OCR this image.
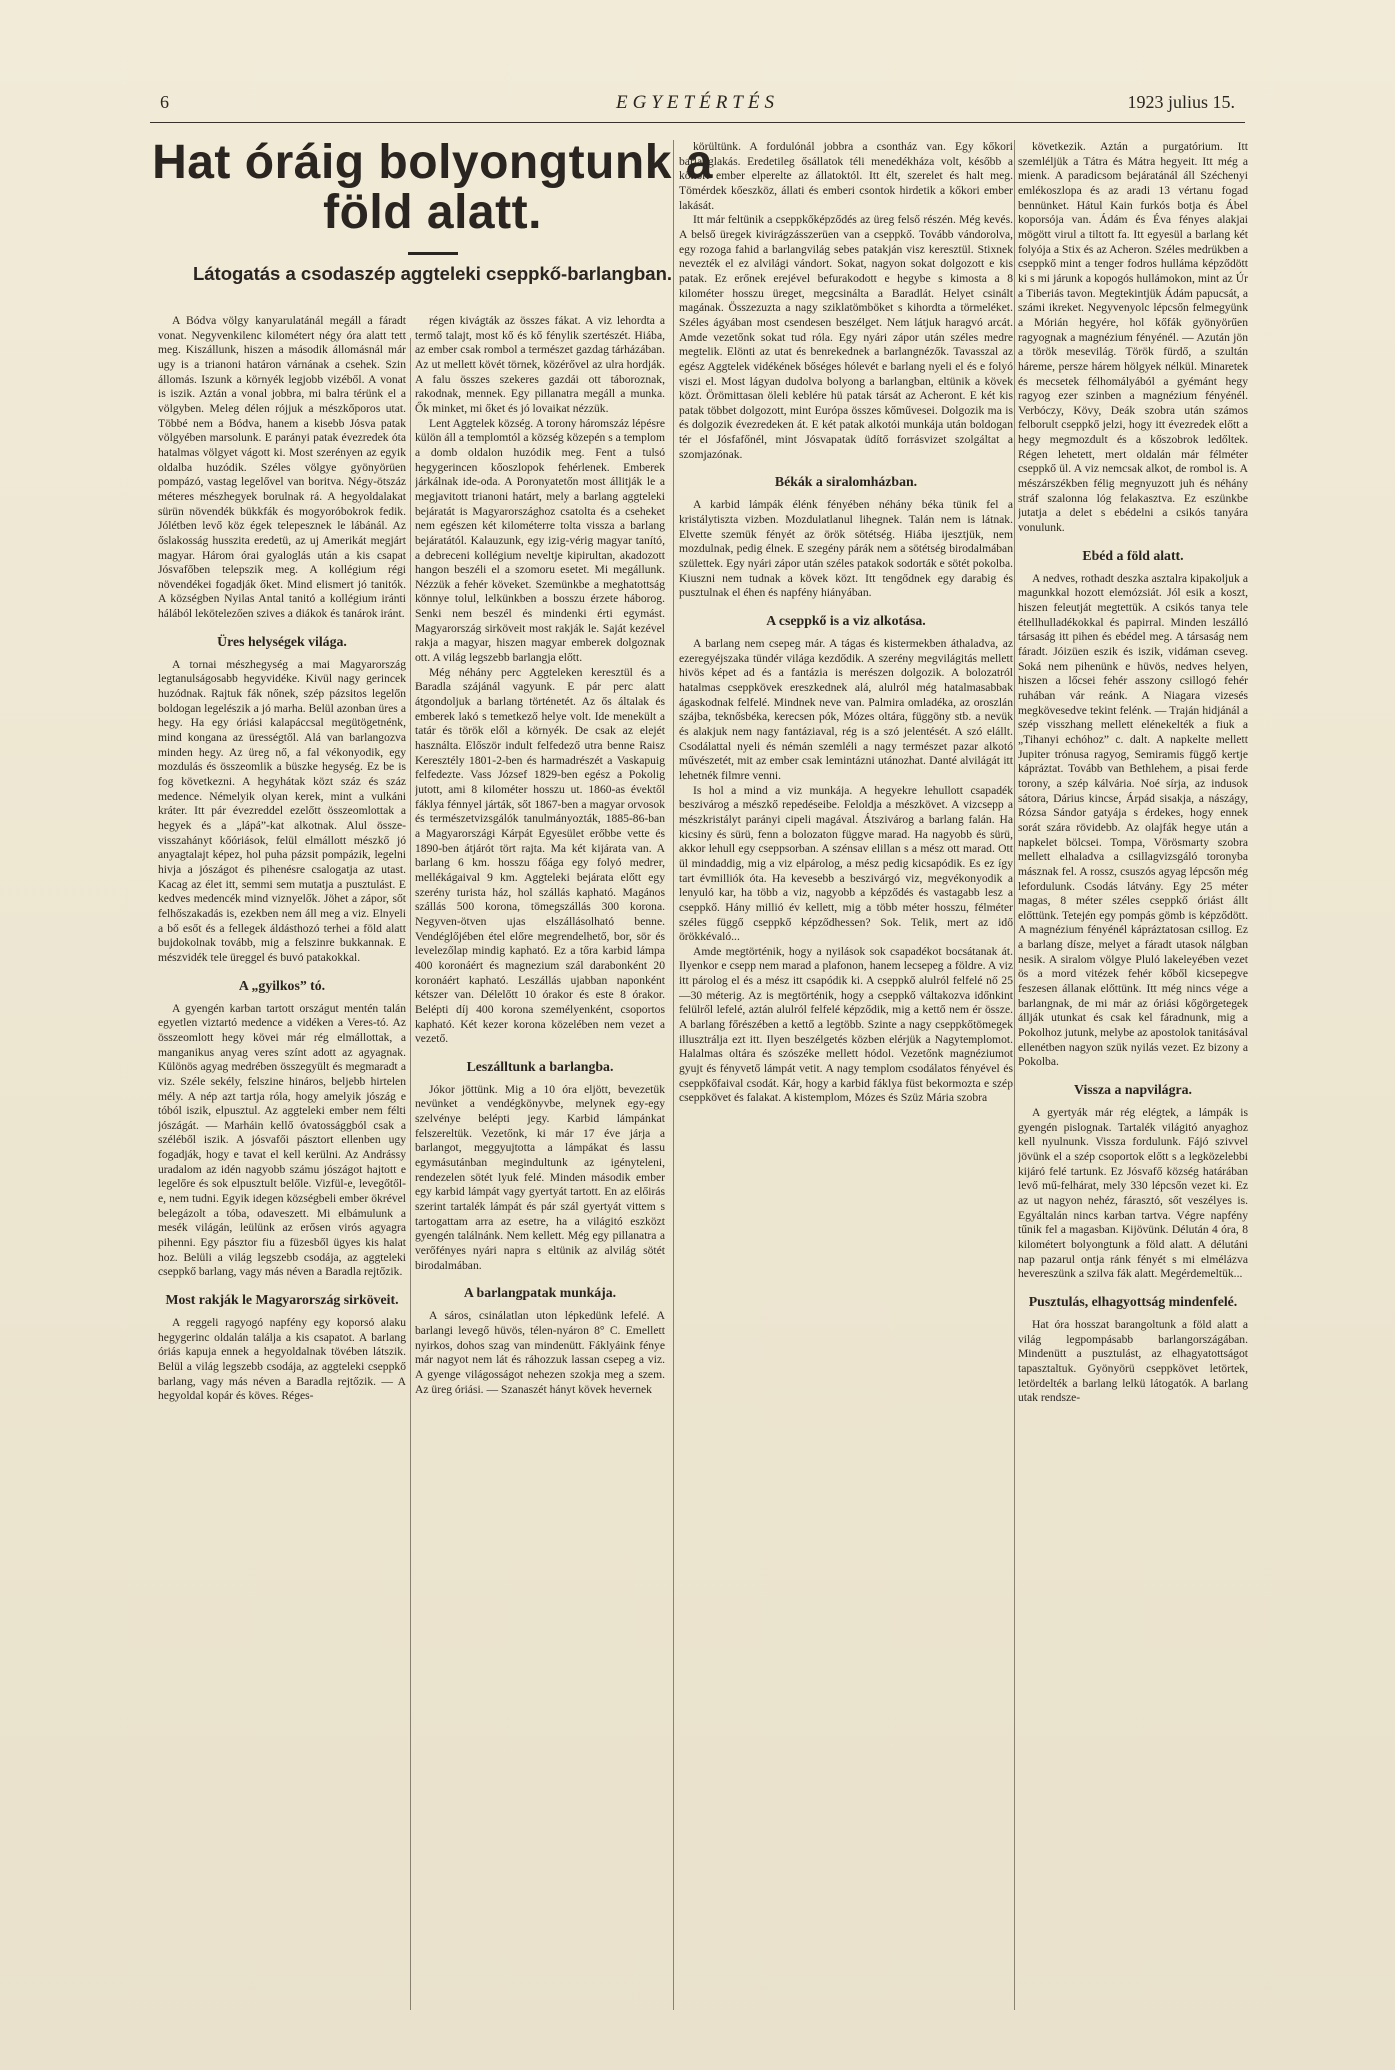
6	EGYETÉRTÉS	1923 julius 15.
Hat óráig bolyongtunk a föld alatt.

Látogatás a csodaszép aggteleki cseppkő-barlangban.

A Bódva völgy kanyarulatánál megáll a fáradt vonat. Negyvenkilenc kilométert négy óra alatt tett meg. Kiszállunk, hiszen a második állomásnál már ugy is a trianoni határon várnának a csehek. Szin állomás. Iszunk a környék legjobb vizéből. A vonat is iszik. Aztán a vonal jobbra, mi balra térünk el a völgyben. Meleg délen rójjuk a mészkőporos utat. Többé nem a Bódva, hanem a kisebb Jósva patak völgyében marsolunk. E parányi patak évezredek óta hatalmas völgyet vágott ki. Most szerényen az egyik oldalba huzódik. Széles völgye gyönyörüen pompázó, vastag legelővel van boritva. Négy-ötszáz méteres mészhegyek borulnak rá. A hegyoldalakat sürün növendék bükkfák és mogyoróbokrok fedik. Jólétben levő köz égek telepesznek le lábánál. Az őslakosság husszita eredetü, az uj Amerikát megjárt magyar. Három órai gyaloglás után a kis csapat Jósvafőben telepszik meg. A kollégium régi növendékei fogadják őket. Mind elismert jó tanitók. A községben Nyilas Antal tanitó a kollégium iránti hálából lekötelezően szives a diákok és tanárok iránt.

Üres helységek világa.

A tornai mészhegység a mai Magyarország legtanulságosabb hegyvidéke. Kivül nagy gerincek huzódnak. Rajtuk fák nőnek, szép pázsitos legelőn boldogan legelészik a jó marha. Belül azonban üres a hegy. Ha egy óriási kalapáccsal megütögetnénk, mind kongana az ürességtől. Alá van barlangozva minden hegy. Az üreg nő, a fal vékonyodik, egy mozdulás és összeomlik a büszke hegység. Ez be is fog következni. A hegyhátak közt száz és száz medence. Némelyik olyan kerek, mint a vulkáni kráter. Itt pár évezreddel ezelőtt összeomlottak a hegyek és a „lápá”-kat alkotnak. Alul össze-visszahányt kőóriások, felül elmállott mészkő jó anyagtalajt képez, hol puha pázsit pompázik, legelni hivja a jószágot és pihenésre csalogatja az utast. Kacag az élet itt, semmi sem mutatja a pusztulást. E kedves medencék mind viznyelők. Jöhet a zápor, sőt felhőszakadás is, ezekben nem áll meg a viz. Elnyeli a bő esőt és a fellegek áldásthozó terhei a föld alatt bujdokolnak tovább, mig a felszinre bukkannak. E mészvidék tele üreggel és buvó patakokkal.

A „gyilkos” tó.

A gyengén karban tartott országut mentén talán egyetlen viztartó medence a vidéken a Veres-tó. Az összeomlott hegy kövei már rég elmállottak, a manganikus anyag veres színt adott az agyagnak. Különös agyag medrében összegyült és megmaradt a viz. Széle sekély, felszine hináros, beljebb hirtelen mély. A nép azt tartja róla, hogy amelyik jószág e tóból iszik, elpusztul. Az aggteleki ember nem félti jószágát. — Marháin kellő óvatossággból csak a széléből iszik. A jósvafői pásztort ellenben ugy fogadják, hogy e tavat el kell kerülni. Az Andrássy uradalom az idén nagyobb számu jószágot hajtott e legelőre és sok elpusztult belőle. Vizfül-e, levegőtől-e, nem tudni. Egyik idegen községbeli ember ökrével belegázolt a tóba, odaveszett. Mi elbámulunk a mesék világán, leülünk az erősen virós agyagra pihenni. Egy pásztor fiu a füzesből ügyes kis halat hoz. Belüli a világ legszebb csodája, az aggteleki cseppkő barlang, vagy más néven a Baradla rejtőzik.

Most rakják le Magyarország sirköveit.

A reggeli ragyogó napfény egy koporsó alaku hegygerinc oldalán találja a kis csapatot. A barlang óriás kapuja ennek a hegyoldalnak tövében látszik. Belül a világ legszebb csodája, az aggteleki cseppkő barlang, vagy más néven a Baradla rejtőzik. — A hegyoldal kopár és köves. Réges-

régen kivágták az összes fákat. A viz lehordta a termő talajt, most kő és kő fénylik szertészét. Hiába, az ember csak rombol a természet gazdag tárházában. Az ut mellett kövét törnek, közérővel az ulra hordják. A falu összes szekeres gazdái ott táboroznak, rakodnak, mennek. Egy pillanatra megáll a munka. Ők minket, mi őket és jó lovaikat nézzük.

Lent Aggtelek község. A torony háromszáz lépésre külön áll a templomtól a község közepén s a templom a domb oldalon huzódik meg. Fent a tulsó hegygerincen kőoszlopok fehérlenek. Emberek járkálnak ide-oda. A Poronyatetőn most állitják le a megjavitott trianoni határt, mely a barlang aggteleki bejáratát is Magyarországhoz csatolta és a cseheket nem egészen két kilométerre tolta vissza a barlang bejáratától. Kalauzunk, egy izig-vérig magyar tanító, a debreceni kollégium neveltje kipirultan, akadozott hangon beszéli el a szomoru esetet. Mi megállunk. Nézzük a fehér köveket. Szemünkbe a meghatottság könnye tolul, lelkünkben a bosszu érzete háborog. Senki nem beszél és mindenki érti egymást. Magyarország sirköveit most rakják le. Saját kezével rakja a magyar, hiszen magyar emberek dolgoznak ott. A világ legszebb barlangja előtt.

Még néhány perc Aggteleken keresztül és a Baradla szájánál vagyunk. E pár perc alatt átgondoljuk a barlang történetét. Az ős általak és emberek lakó s temetkező helye volt. Ide menekült a tatár és török elől a környék. De csak az elejét használta. Először indult felfedező utra benne Raisz Keresztély 1801-2-ben és harmadrészét a Vaskapuig felfedezte. Vass József 1829-ben egész a Pokolig jutott, ami 8 kilométer hosszu ut. 1860-as évektől fáklya fénnyel járták, sőt 1867-ben a magyar orvosok és természetvizsgálók tanulmányozták, 1885-86-ban a Magyarországi Kárpát Egyesület erőbbe vette és 1890-ben átjárót tört rajta. Ma két kijárata van. A barlang 6 km. hosszu főága egy folyó medrer, mellékágaival 9 km. Aggteleki bejárata előtt egy szerény turista ház, hol szállás kapható. Magános szállás 500 korona, tömegszállás 300 korona. Negyven-ötven ujas elszállásolható benne. Vendéglőjében étel előre megrendelhető, bor, sör és levelezőlap mindig kapható. Ez a tőra karbid lámpa 400 koronáért és magnezium szál darabonként 20 koronáért kapható. Leszállás ujabban naponként kétszer van. Délelőtt 10 órakor és este 8 órakor. Belépti díj 400 korona személyenként, csoportos kapható. Két kezer korona közelében nem vezet a vezető.

Leszálltunk a barlangba.

Jókor jöttünk. Mig a 10 óra eljött, bevezetük nevünket a vendégkönyvbe, melynek egy-egy szelvénye belépti jegy. Karbid lámpánkat felszereltük. Vezetőnk, ki már 17 éve járja a barlangot, meggyujtotta a lámpákat és lassu egymásutánban megindultunk az igényteleni, rendezelen sötét lyuk felé. Minden második ember egy karbid lámpát vagy gyertyát tartott. En az előirás szerint tartalék lámpát és pár szál gyertyát vittem s tartogattam arra az esetre, ha a világitó eszközt gyengén találnánk. Nem kellett. Még egy pillanatra a verőfényes nyári napra s eltünik az alvilág sötét birodalmában.

A barlangpatak munkája.

A sáros, csinálatlan uton lépkedünk lefelé. A barlangi levegő hüvös, télen-nyáron 8° C. Emellett nyirkos, dohos szag van mindenütt. Fáklyáink fénye már nagyot nem lát és ráhozzuk lassan csepeg a viz. A gyenge világosságot nehezen szokja meg a szem. Az üreg óriási. — Szanaszét hányt kövek hevernek

körültünk. A fordulónál jobbra a csontház van. Egy kőkori barlanglakás. Eredetileg ősállatok téli menedékháza volt, később a kőkori ember elperelte az állatoktól. Itt élt, szerelet és halt meg. Tömérdek kőeszköz, állati és emberi csontok hirdetik a kőkori ember lakását.

Itt már feltünik a cseppkőképződés az üreg felső részén. Még kevés. A belső üregek kivirágzásszerüen van a cseppkő. Tovább vándorolva, egy rozoga fahid a barlangvilág sebes patakján visz keresztül. Stixnek nevezték el ez alvilági vándort. Sokat, nagyon sokat dolgozott e kis patak. Ez erőnek erejével befurakodott e hegybe s kimosta a 8 kilométer hosszu üreget, megcsinálta a Baradlát. Helyet csinált magának. Összezuzta a nagy sziklatömböket s kihordta a törmeléket. Széles ágyában most csendesen beszélget. Nem látjuk haragvó arcát. Amde vezetőnk sokat tud róla. Egy nyári zápor után széles medre megtelik. Elönti az utat és benrekednek a barlangnézők. Tavasszal az egész Aggtelek vidékének bőséges hólevét e barlang nyeli el és e folyó viszi el. Most lágyan dudolva bolyong a barlangban, eltünik a kövek közt. Örömittasan öleli keblére hü patak társát az Acheront. E két kis patak többet dolgozott, mint Európa összes kőművesei. Dolgozik ma is és dolgozik évezredeken át. E két patak alkotói munkája után boldogan tér el Jósfafőnél, mint Jósvapatak üdítő forrásvizet szolgáltat a szomjazónak.

Békák a siralomházban.

A karbid lámpák élénk fényében néhány béka tünik fel a kristálytiszta vizben. Mozdulatlanul lihegnek. Talán nem is látnak. Elvette szemük fényét az örök sötétség. Hiába ijesztjük, nem mozdulnak, pedig élnek. E szegény párák nem a sötétség birodalmában születtek. Egy nyári zápor után széles patakok sodorták e sötét pokolba. Kiuszni nem tudnak a kövek közt. Itt tengődnek egy darabig és pusztulnak el éhen és napfény hiányában.

A cseppkő is a viz alkotása.

A barlang nem csepeg már. A tágas és kistermekben áthaladva, az ezeregyéjszaka tündér világa kezdődik. A szerény megvilágitás mellett hivös képet ad és a fantázia is merészen dolgozik. A bolozatról hatalmas cseppkövek ereszkednek alá, alulról még hatalmasabbak ágaskodnak felfelé. Mindnek neve van. Palmira omladéka, az oroszlán szájba, teknősbéka, kerecsen pók, Mózes oltára, függöny stb. a nevük és alakjuk nem nagy fantáziaval, rég is a szó jelentését. A szó elállt. Csodálattal nyeli és némán szemléli a nagy természet pazar alkotó művészetét, mit az ember csak lemintázni utánozhat. Danté alvilágát itt lehetnék filmre venni.

Is hol a mind a viz munkája. A hegyekre lehullott csapadék beszivárog a mészkő repedéseibe. Feloldja a mészkövet. A vizcsepp a mészkristályt parányi cipeli magával. Átszivárog a barlang falán. Ha kicsiny és sürü, fenn a bolozaton függve marad. Ha nagyobb és sürü, akkor lehull egy cseppsorban. A szénsav elillan s a mész ott marad. Ott ül mindaddig, mig a viz elpárolog, a mész pedig kicsapódik. Es ez így tart évmilliók óta. Ha kevesebb a beszivárgó viz, megvékonyodik a lenyuló kar, ha több a viz, nagyobb a képződés és vastagabb lesz a cseppkő. Hány millió év kellett, mig a több méter hosszu, félméter széles függő cseppkő képződhessen? Sok. Telik, mert az idő örökkévaló...

Amde megtörténik, hogy a nyilások sok csapadékot bocsátanak át. Ilyenkor e csepp nem marad a plafonon, hanem lecsepeg a földre. A viz itt párolog el és a mész itt csapódik ki. A cseppkő alulról felfelé nő 25—30 méterig. Az is megtörténik, hogy a cseppkő váltakozva időnkint felülről lefelé, aztán alulról felfelé képződik, mig a kettő nem ér össze. A barlang főrészében a kettő a legtöbb. Szinte a nagy cseppkőtömegek illusztrálja ezt itt. Ilyen beszélgetés közben elérjük a Nagytemplomot. Halalmas oltára és szószéke mellett hódol. Vezetőnk magnéziumot gyujt és fényvető lámpát vetit. A nagy templom csodálatos fényével és cseppkőfaival csodát. Kár, hogy a karbid fáklya füst bekormozta e szép cseppkövet és falakat. A kistemplom, Mózes és Szüz Mária szobra

következik. Aztán a purgatórium. Itt szemléljük a Tátra és Mátra hegyeit. Itt még a mienk. A paradicsom bejáratánál áll Széchenyi emlékoszlopa és az aradi 13 vértanu fogad bennünket. Hátul Kain furkós botja és Ábel koporsója van. Ádám és Éva fényes alakjai mögött virul a tiltott fa. Itt egyesül a barlang két folyója a Stix és az Acheron. Széles medrükben a cseppkő mint a tenger fodros hulláma képződött ki s mi járunk a kopogós hullámokon, mint az Úr a Tiberiás tavon. Megtekintjük Ádám papucsát, a számi ikreket. Negyvenyolc lépcsőn felmegyünk a Mórián hegyére, hol kőfák gyönyörűen ragyognak a magnézium fényénél. — Azután jön a török mesevilág. Török fürdő, a szultán háreme, persze hárem hölgyek nélkül. Minaretek és mecsetek félhomályából a gyémánt hegy ragyog ezer szinben a magnézium fényénél. Verbóczy, Kövy, Deák szobra után számos felborult cseppkő jelzi, hogy itt évezredek előtt a hegy megmozdult és a kőszobrok ledőltek. Régen lehetett, mert oldalán már félméter cseppkő ül. A viz nemcsak alkot, de rombol is. A mészárszékben félig megnyuzott juh és néhány stráf szalonna lóg felakasztva. Ez eszünkbe jutatja a delet s ebédelni a csikós tanyára vonulunk.

Ebéd a föld alatt.

A nedves, rothadt deszka asztalra kipakoljuk a magunkkal hozott elemózsiát. Jól esik a koszt, hiszen feleutját megtettük. A csikós tanya tele étellhulladékokkal és papirral. Minden leszálló társaság itt pihen és ebédel meg. A társaság nem fáradt. Jóizüen eszik és iszik, vidáman cseveg. Soká nem pihenünk e hüvös, nedves helyen, hiszen a lőcsei fehér asszony csillogó fehér ruhában vár reánk. A Niagara vizesés megkövesedve tekint felénk. — Traján hidjánál a szép visszhang mellett elénekelték a fiuk a „Tihanyi echóhoz” c. dalt. A napkelte mellett Jupiter trónusa ragyog, Semiramis függő kertje kápráztat. Tovább van Bethlehem, a pisai ferde torony, a szép kálvária. Noé sírja, az indusok sátora, Dárius kincse, Árpád sisakja, a nászágy, Rózsa Sándor gatyája s érdekes, hogy ennek sorát szára rövidebb. Az olajfák hegye után a napkelet bölcsei. Tompa, Vörösmarty szobra mellett elhaladva a csillagvizsgáló toronyba másznak fel. A rossz, csuszós agyag lépcsőn még lefordulunk. Csodás látvány. Egy 25 méter magas, 8 méter széles cseppkő óriást állt előttünk. Tetején egy pompás gömb is képződött. A magnézium fényénél kápráztatosan csillog. Ez a barlang dísze, melyet a fáradt utasok nálgban nesik. A siralom völgye Pluló lakeleyében vezet ös a mord vitézek fehér kőből kicsepegve feszesen állanak előttünk. Itt még nincs vége a barlangnak, de mi már az óriási kőgörgetegek állják utunkat és csak kel fáradnunk, mig a Pokolhoz jutunk, melybe az apostolok tanitásával ellenétben nagyon szük nyilás vezet. Ez bizony a Pokolba.

Vissza a napvilágra.

A gyertyák már rég elégtek, a lámpák is gyengén pislognak. Tartalék világitó anyaghoz kell nyulnunk. Vissza fordulunk. Fájó szivvel jövünk el a szép csoportok előtt s a legközelebbi kijáró felé tartunk. Ez Jósvafő község határában levő mű-felhárat, mely 330 lépcsőn vezet ki. Ez az ut nagyon nehéz, fárasztó, sőt veszélyes is. Egyáltalán nincs karban tartva. Végre napfény tűnik fel a magasban. Kijövünk. Délután 4 óra, 8 kilométert bolyongtunk a föld alatt. A délutáni nap pazarul ontja ránk fényét s mi elmélázva hevereszünk a szilva fák alatt. Megérdemeltük...

Pusztulás, elhagyottság mindenfelé.

Hat óra hosszat barangoltunk a föld alatt a világ legpompásabb barlangországában. Mindenütt a pusztulást, az elhagyatottságot tapasztaltuk. Gyönyörü cseppkövet letörtek, letördelték a barlang lelkü látogatók. A barlang utak rendsze-
